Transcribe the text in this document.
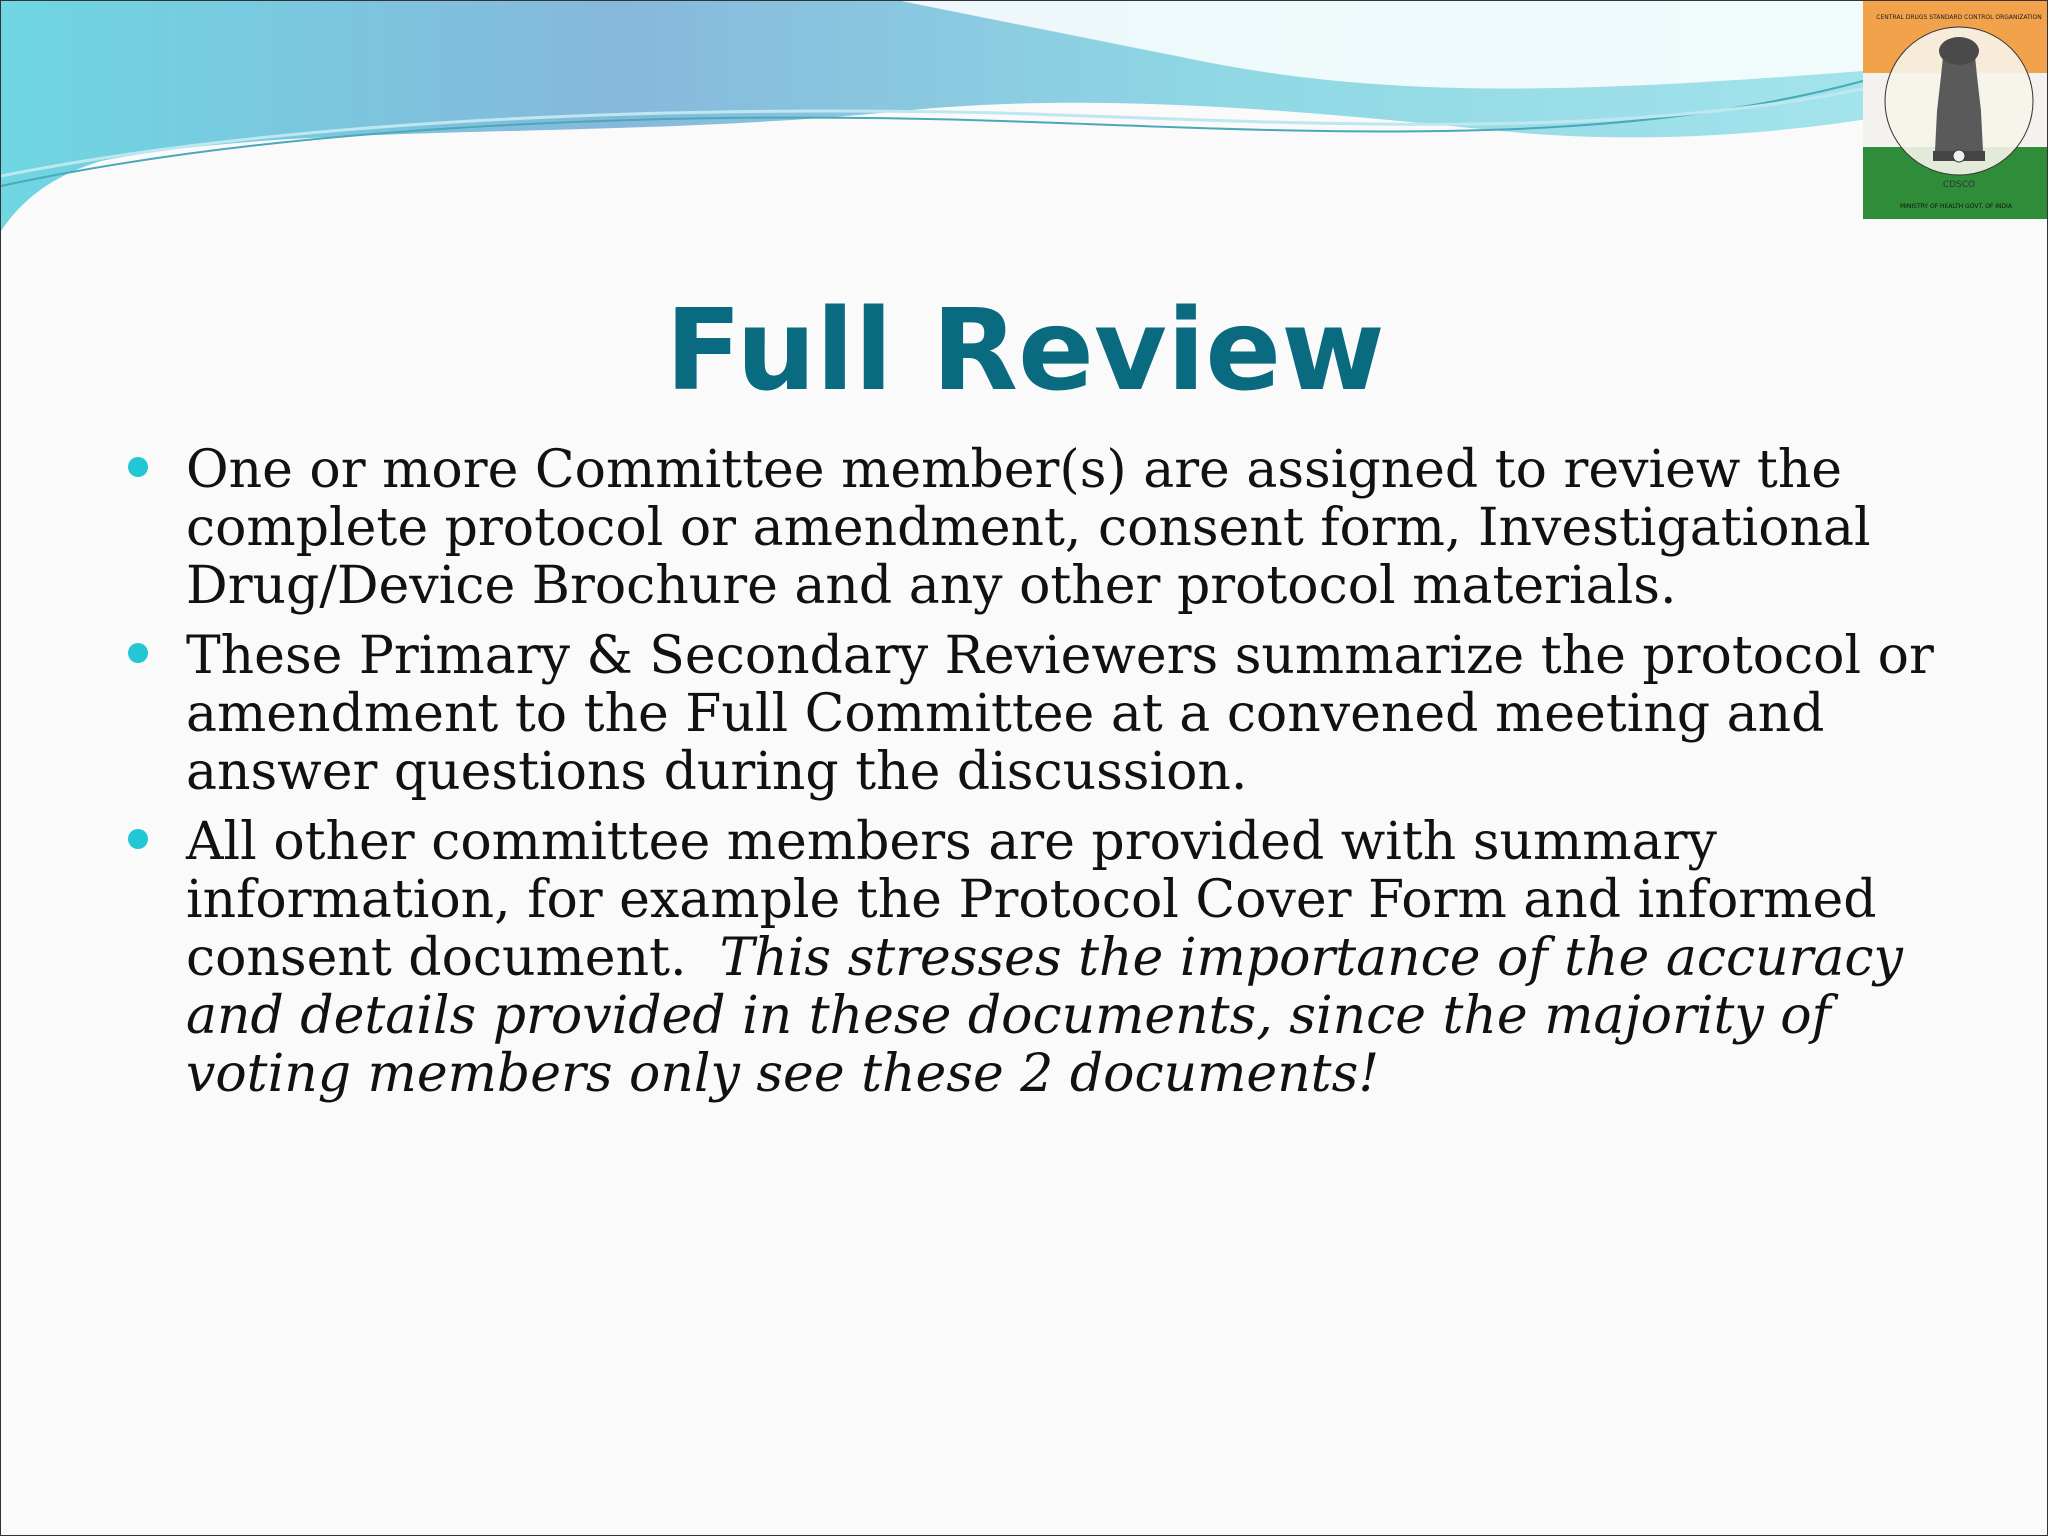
CDSCO
MINISTRY OF HEALTH GOVT. OF INDIA
CENTRAL DRUGS STANDARD CONTROL ORGANIZATION
Full Review
One or more Committee member(s) are assigned to review the complete protocol or amendment, consent form, Investigational Drug/Device Brochure and any other protocol materials.
These Primary & Secondary Reviewers summarize the protocol or amendment to the Full Committee at a convened meeting and answer questions during the discussion.
All other committee members are provided with summary information, for example the Protocol Cover Form and informed consent document. This stresses the importance of the accuracy and details provided in these documents, since the majority of voting members only see these 2 documents!
